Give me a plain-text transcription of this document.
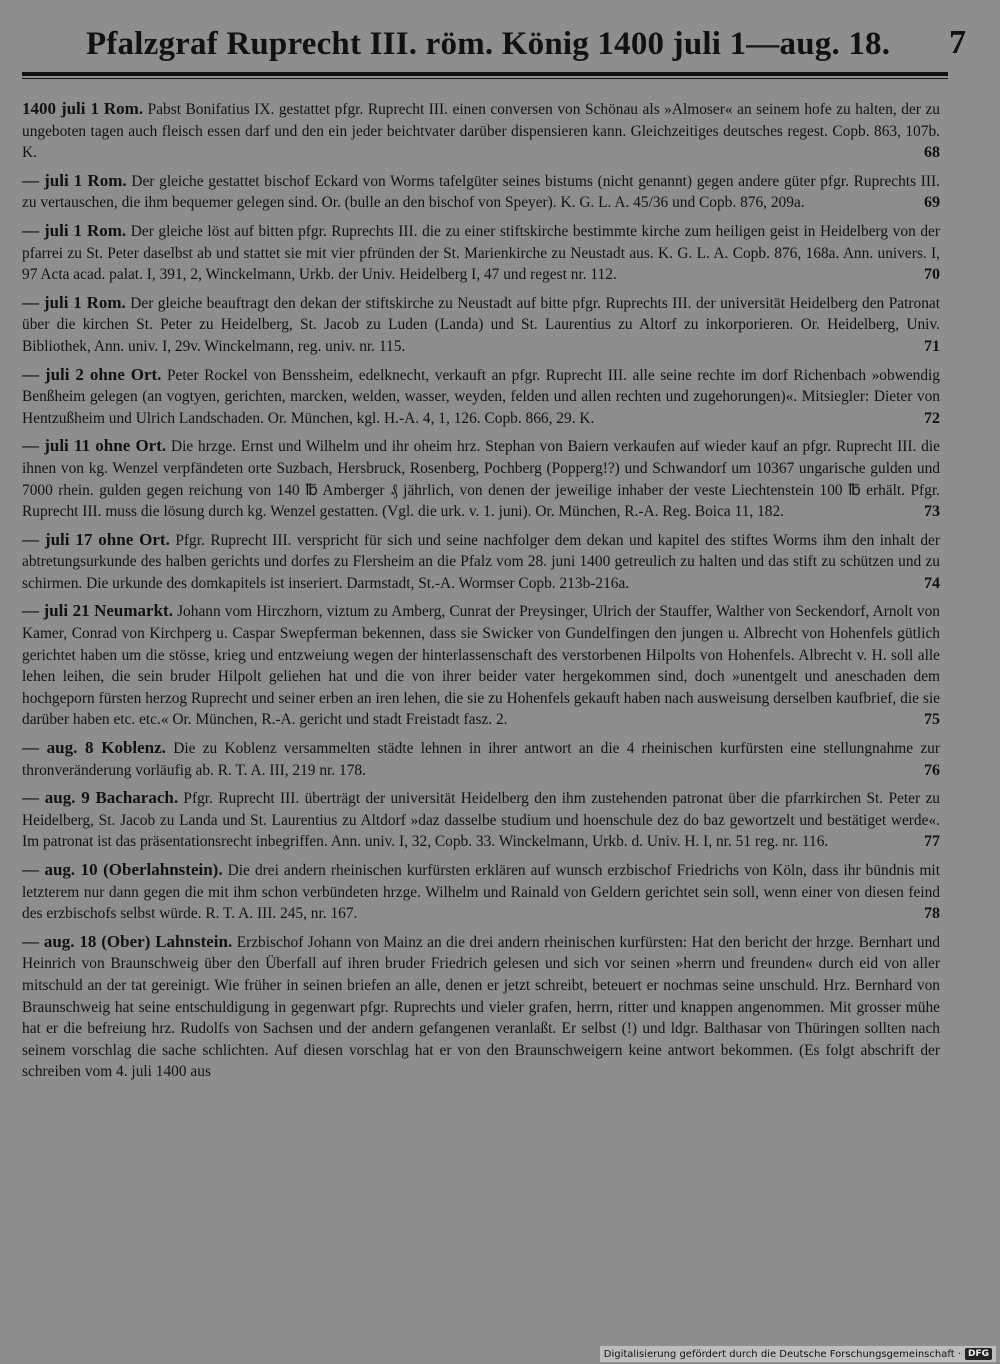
Pfalzgraf Ruprecht III. röm. König 1400 juli 1—aug. 18. 7

1400 juli 1 Rom. Pabst Bonifatius IX. gestattet pfgr. Ruprecht III. einen conversen von Schönau als »Almoser« an seinem hofe zu halten, der zu ungeboten tagen auch fleisch essen darf und den ein jeder beichtvater darüber dispensieren kann. Gleichzeitiges deutsches regest. Copb. 863, 107b. K.	68

— juli 1 Rom. Der gleiche gestattet bischof Eckard von Worms tafelgüter seines bistums (nicht genannt) gegen andere güter pfgr. Ruprechts III. zu vertauschen, die ihm bequemer gelegen sind. Or. (bulle an den bischof von Speyer). K. G. L. A. 45/36 und Copb. 876, 209a.	69

— juli 1 Rom. Der gleiche löst auf bitten pfgr. Ruprechts III. die zu einer stiftskirche bestimmte kirche zum heiligen geist in Heidelberg von der pfarrei zu St. Peter daselbst ab und stattet sie mit vier pfründen der St. Marienkirche zu Neustadt aus. K. G. L. A. Copb. 876, 168a. Ann. univers. I, 97 Acta acad. palat. I, 391, 2, Winckelmann, Urkb. der Univ. Heidelberg I, 47 und regest nr. 112.	70

— juli 1 Rom. Der gleiche beauftragt den dekan der stiftskirche zu Neustadt auf bitte pfgr. Ruprechts III. der universität Heidelberg den Patronat über die kirchen St. Peter zu Heidelberg, St. Jacob zu Luden (Landa) und St. Laurentius zu Altorf zu inkorporieren. Or. Heidelberg, Univ. Bibliothek, Ann. univ. I, 29v. Winckelmann, reg. univ. nr. 115.	71

— juli 2 ohne Ort. Peter Rockel von Benssheim, edelknecht, verkauft an pfgr. Ruprecht III. alle seine rechte im dorf Richenbach »obwendig Benßheim gelegen (an vogtyen, gerichten, marcken, welden, wasser, weyden, felden und allen rechten und zugehorungen)«. Mitsiegler: Dieter von Hentzußheim und Ulrich Landschaden. Or. München, kgl. H.-A. 4, 1, 126. Copb. 866, 29. K.	72

— juli 11 ohne Ort. Die hrzge. Ernst und Wilhelm und ihr oheim hrz. Stephan von Baiern verkaufen auf wieder kauf an pfgr. Ruprecht III. die ihnen von kg. Wenzel verpfändeten orte Suzbach, Hersbruck, Rosenberg, Pochberg (Popperg!?) und Schwandorf um 10367 ungarische gulden und 7000 rhein. gulden gegen reichung von 140 ℔ Amberger ₰ jährlich, von denen der jeweilige inhaber der veste Liechtenstein 100 ℔ erhält. Pfgr. Ruprecht III. muss die lösung durch kg. Wenzel gestatten. (Vgl. die urk. v. 1. juni). Or. München, R.-A. Reg. Boica 11, 182.	73

— juli 17 ohne Ort. Pfgr. Ruprecht III. verspricht für sich und seine nachfolger dem dekan und kapitel des stiftes Worms ihm den inhalt der abtretungsurkunde des halben gerichts und dorfes zu Flersheim an die Pfalz vom 28. juni 1400 getreulich zu halten und das stift zu schützen und zu schirmen. Die urkunde des domkapitels ist inseriert. Darmstadt, St.-A. Wormser Copb. 213b-216a.	74

— juli 21 Neumarkt. Johann vom Hirczhorn, viztum zu Amberg, Cunrat der Preysinger, Ulrich der Stauffer, Walther von Seckendorf, Arnolt von Kamer, Conrad von Kirchperg u. Caspar Swepferman bekennen, dass sie Swicker von Gundelfingen den jungen u. Albrecht von Hohenfels gütlich gerichtet haben um die stösse, krieg und entzweiung wegen der hinterlassenschaft des verstorbenen Hilpolts von Hohenfels. Albrecht v. H. soll alle lehen leihen, die sein bruder Hilpolt geliehen hat und die von ihrer beider vater hergekommen sind, doch »unentgelt und aneschaden dem hochgeporn fürsten herzog Ruprecht und seiner erben an iren lehen, die sie zu Hohenfels gekauft haben nach ausweisung derselben kaufbrief, die sie darüber haben etc. etc.« Or. München, R.-A. gericht und stadt Freistadt fasz. 2.	75

— aug. 8 Koblenz. Die zu Koblenz versammelten städte lehnen in ihrer antwort an die 4 rheinischen kurfürsten eine stellungnahme zur thronveränderung vorläufig ab. R. T. A. III, 219 nr. 178.	76

— aug. 9 Bacharach. Pfgr. Ruprecht III. überträgt der universität Heidelberg den ihm zustehenden patronat über die pfarrkirchen St. Peter zu Heidelberg, St. Jacob zu Landa und St. Laurentius zu Altdorf »daz dasselbe studium und hoenschule dez do baz gewortzelt und bestätiget werde«. Im patronat ist das präsentationsrecht inbegriffen. Ann. univ. I, 32, Copb. 33. Winckelmann, Urkb. d. Univ. H. I, nr. 51 reg. nr. 116.	77

— aug. 10 (Oberlahnstein). Die drei andern rheinischen kurfürsten erklären auf wunsch erzbischof Friedrichs von Köln, dass ihr bündnis mit letzterem nur dann gegen die mit ihm schon verbündeten hrzge. Wilhelm und Rainald von Geldern gerichtet sein soll, wenn einer von diesen feind des erzbischofs selbst würde. R. T. A. III. 245, nr. 167.	78

— aug. 18 (Ober) Lahnstein. Erzbischof Johann von Mainz an die drei andern rheinischen kurfürsten: Hat den bericht der hrzge. Bernhart und Heinrich von Braunschweig über den Überfall auf ihren bruder Friedrich gelesen und sich vor seinen »herrn und freunden« durch eid von aller mitschuld an der tat gereinigt. Wie früher in seinen briefen an alle, denen er jetzt schreibt, beteuert er nochmas seine unschuld. Hrz. Bernhard von Braunschweig hat seine entschuldigung in gegenwart pfgr. Ruprechts und vieler grafen, herrn, ritter und knappen angenommen. Mit grosser mühe hat er die befreiung hrz. Rudolfs von Sachsen und der andern gefangenen veranlaßt. Er selbst (!) und ldgr. Balthasar von Thüringen sollten nach seinem vorschlag die sache schlichten. Auf diesen vorschlag hat er von den Braunschweigern keine antwort bekommen. (Es folgt abschrift der schreiben vom 4. juli 1400 aus

Digitalisierung gefördert durch die Deutsche Forschungsgemeinschaft · DFG
